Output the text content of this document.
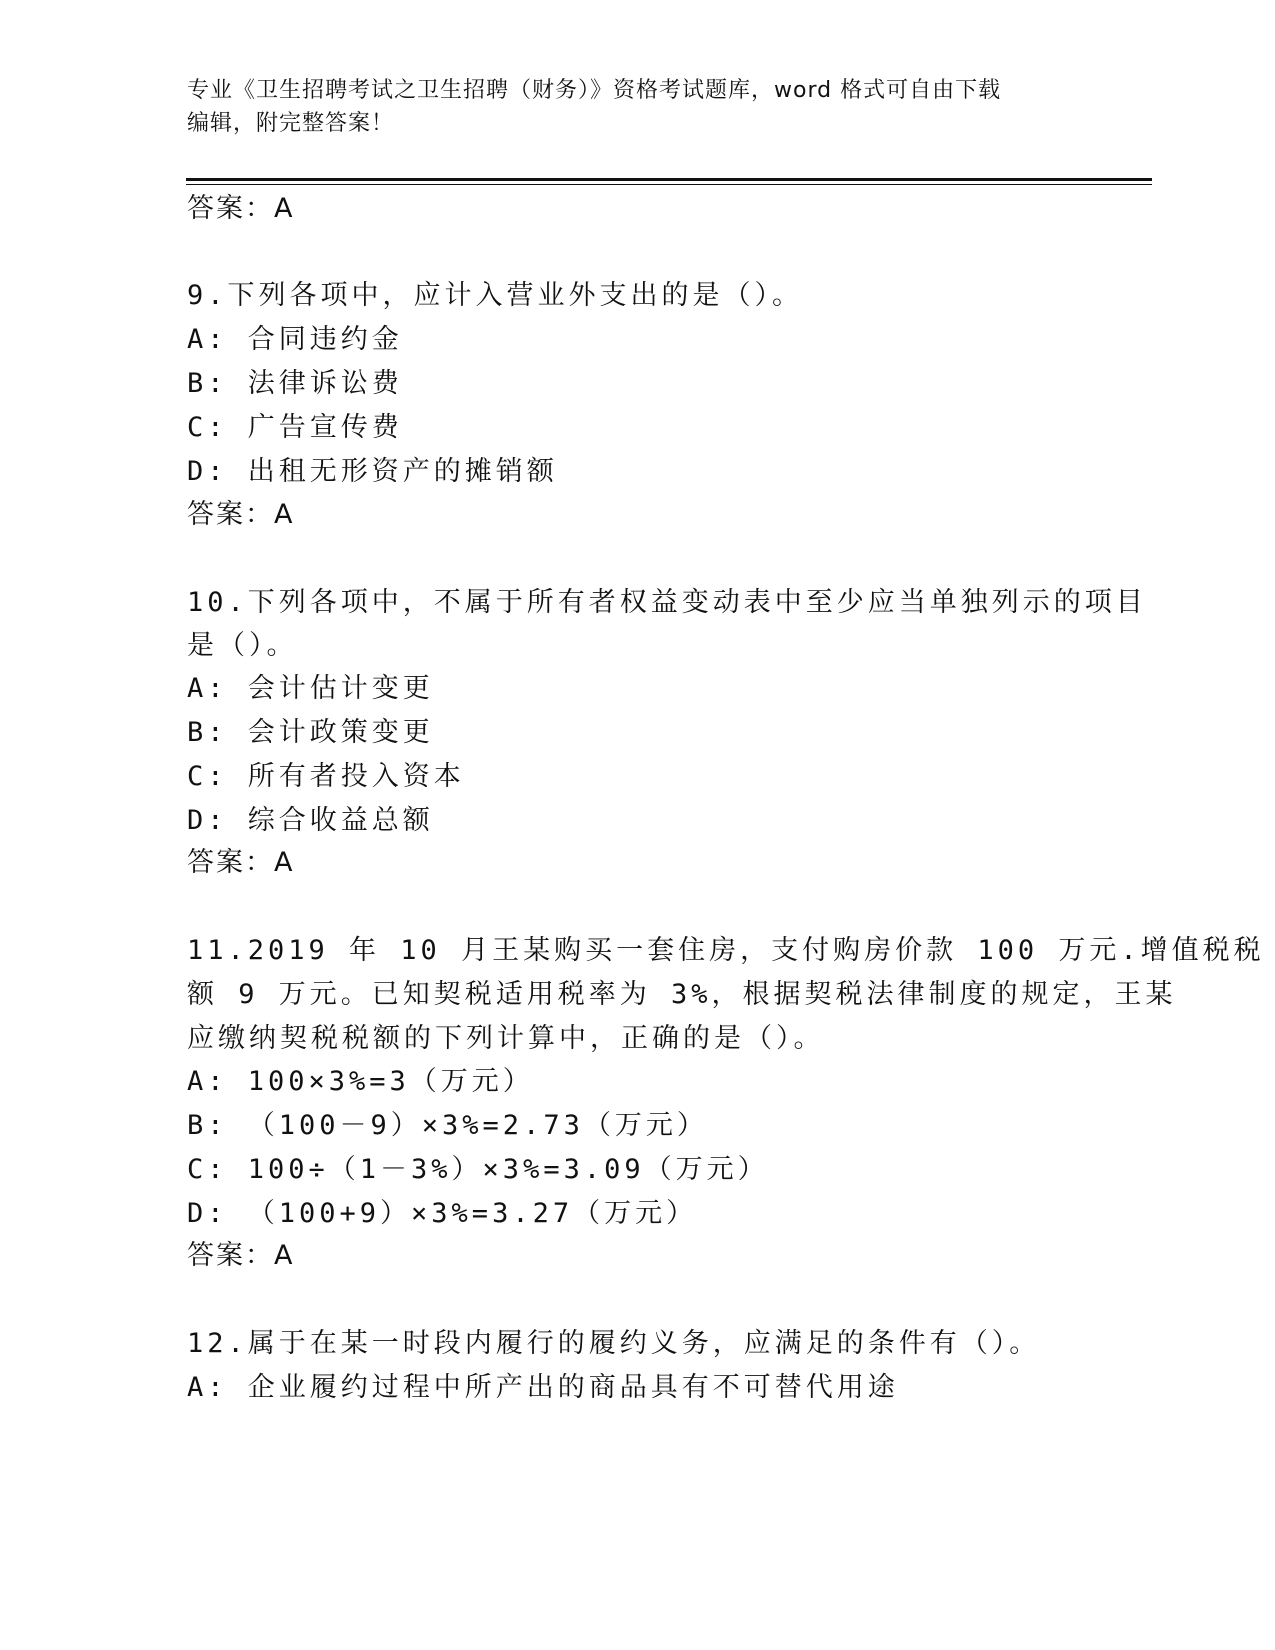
专业《卫生招聘考试之卫生招聘（财务）》资格考试题库，word 格式可自由下载
编辑，附完整答案！
答案：A
9.下列各项中，应计入营业外支出的是（）。
A: 合同违约金
B: 法律诉讼费
C: 广告宣传费
D: 出租无形资产的摊销额
答案：A
10.下列各项中，不属于所有者权益变动表中至少应当单独列示的项目
是（）。
A: 会计估计变更
B: 会计政策变更
C: 所有者投入资本
D: 综合收益总额
答案：A
11.2019 年 10 月王某购买一套住房，支付购房价款 100 万元.增值税税
额 9 万元。已知契税适用税率为 3%，根据契税法律制度的规定，王某
应缴纳契税税额的下列计算中，正确的是（）。
A: 100×3%=3（万元）
B: （100－9）×3%=2.73（万元）
C: 100÷（1－3%）×3%=3.09（万元）
D: （100+9）×3%=3.27（万元）
答案：A
12.属于在某一时段内履行的履约义务，应满足的条件有（）。
A: 企业履约过程中所产出的商品具有不可替代用途
